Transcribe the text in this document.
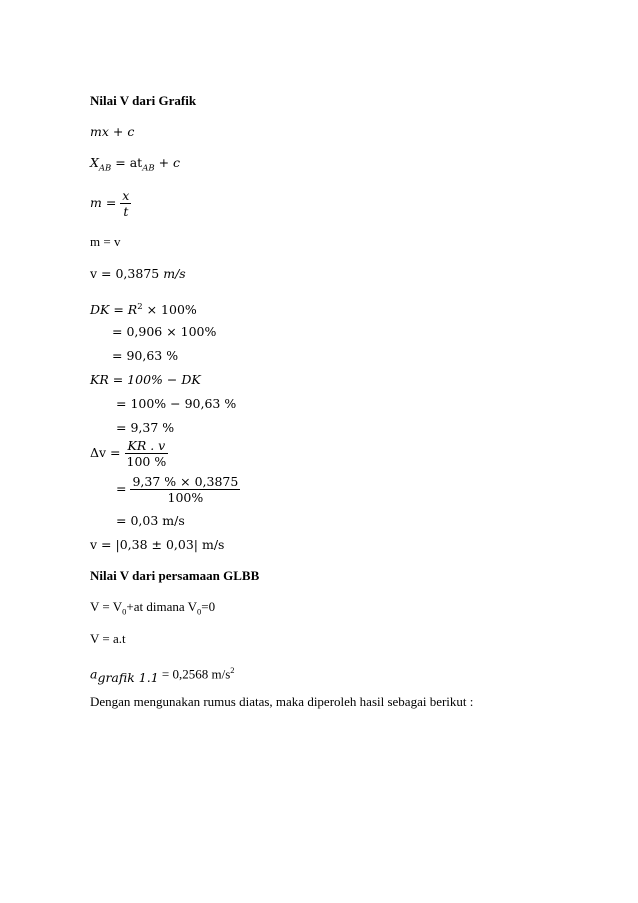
Nilai V dari Grafik
mx + c
$X_{AB} = at_{AB} + c$
$m = \frac{x}{t}$
m = v
v = 0,3875 m/s
DK = $R^2 \times 100\%$
= 0,906 × 100%
= 90,63 %
KR = 100% − DK
= 100% − 90,63 %
= 9,37 %
$\Delta v = \frac{KR . v}{100 \%}$
= $\frac{9,37 \% \times 0,3875}{100\%}$
= 0,03 m/s
v = |0,38 ± 0,03| m/s
Nilai V dari persamaan GLBB
$V = V_0+at$ dimana $V_0=0$
V = a.t
$a_{grafik 1.1} = 0,2568$ $m/s^2$
Dengan mengunakan rumus diatas, maka diperoleh hasil sebagai berikut :
